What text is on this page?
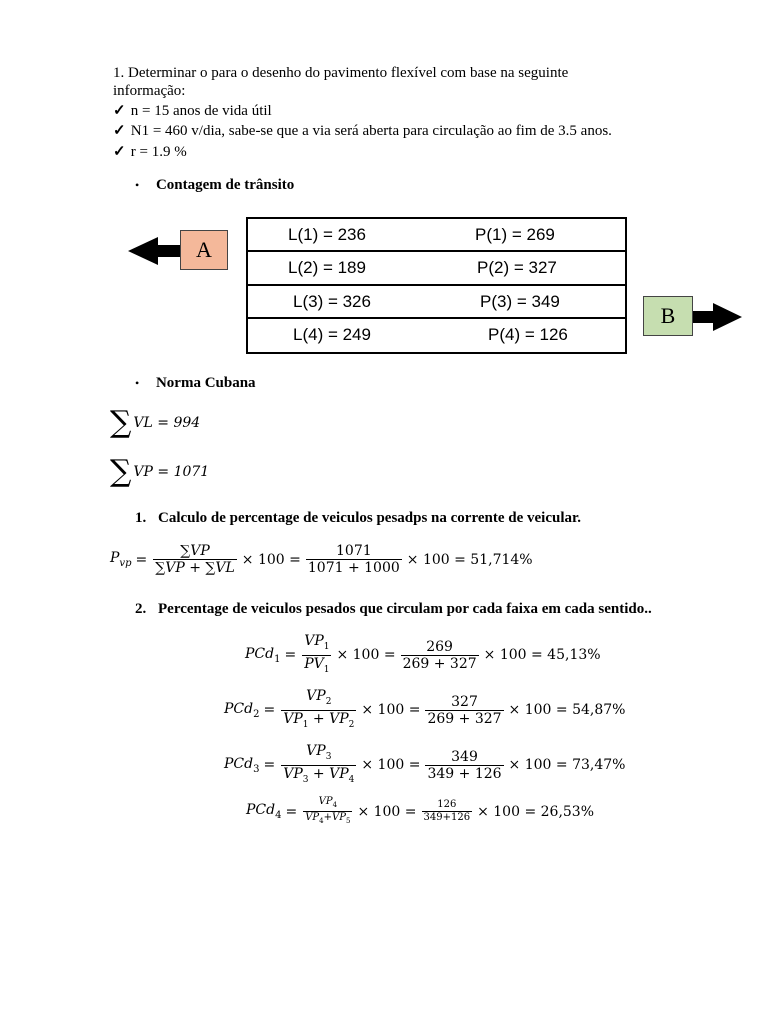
1. Determinar o para o desenho do pavimento flexível com base na seguinte
informação:
✓ n = 15 anos de vida útil
✓ N1 = 460 v/dia, sabe-se que a via será aberta para circulação ao fim de 3.5 anos.
✓ r = 1.9 %
• Contagem de trânsito
A
L(1) = 236	P(1) = 269
L(2) = 189	P(2) = 327
L(3) = 326	P(3) = 349
L(4) = 249	P(4) = 126
B
• Norma Cubana
∑ VL = 994
∑ VP = 1071
1. Calculo de percentage de veiculos pesadps na corrente de veicular.
$P_{vp} = \frac{\sum VP}{\sum VP + \sum VL} \times 100 = \frac{1071}{1071 + 1000} \times 100 = 51,714\%$
2. Percentage de veiculos pesados que circulam por cada faixa em cada sentido..
$PCd_1 = \frac{VP_1}{PV_1} \times 100 = \frac{269}{269 + 327} \times 100 = 45,13\%$
$PCd_2 = \frac{VP_2}{VP_1 + VP_2} \times 100 = \frac{327}{269 + 327} \times 100 = 54,87\%$
$PCd_3 = \frac{VP_3}{VP_3 + VP_4} \times 100 = \frac{349}{349 + 126} \times 100 = 73,47\%$
$PCd_4 = \frac{VP_4}{VP_4+VP_5} \times 100 = \frac{126}{349+126} \times 100 = 26,53\%$
